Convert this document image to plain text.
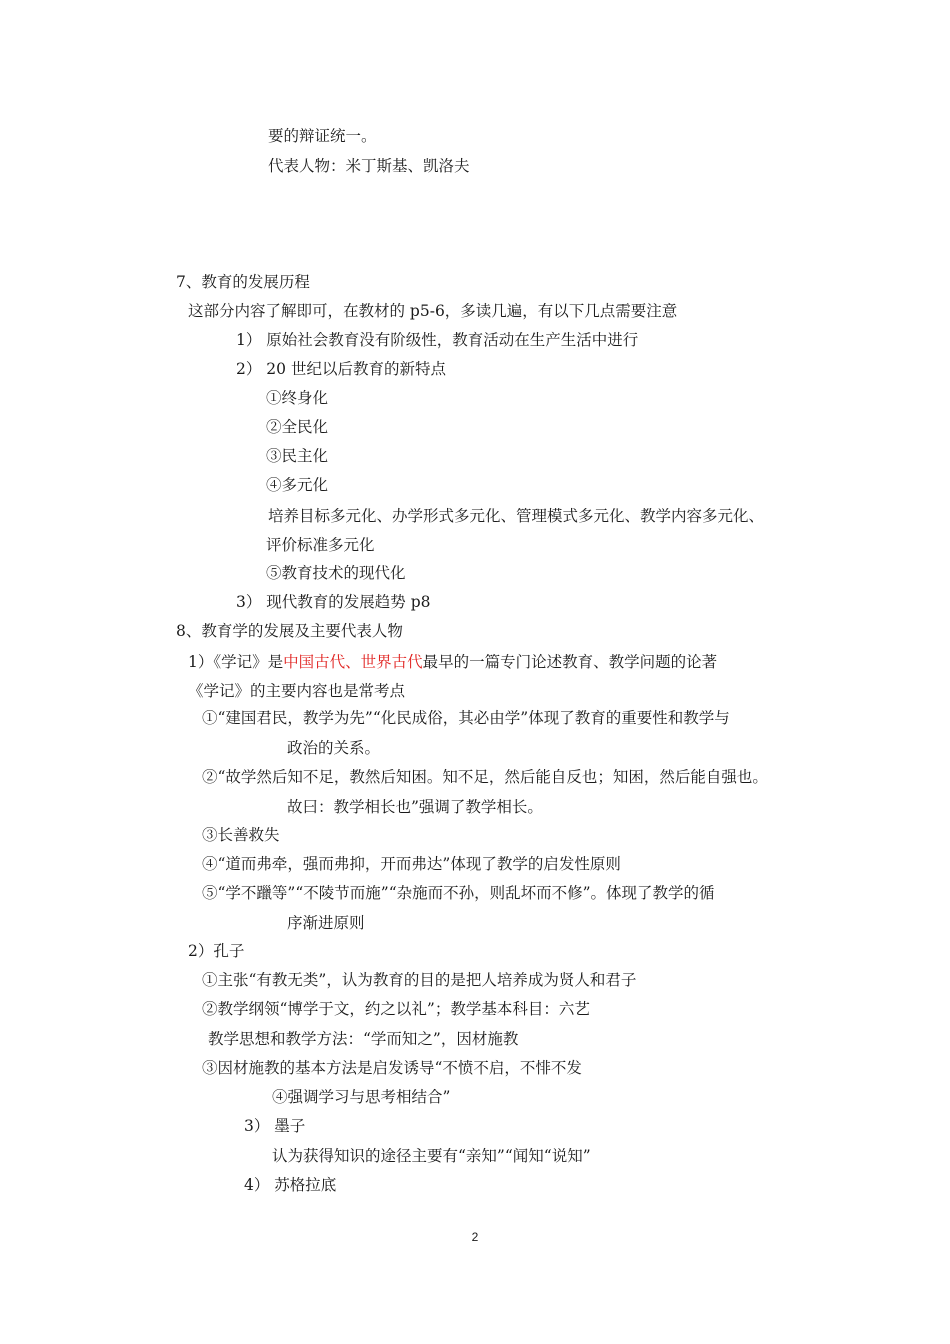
要的辩证统一。
代表人物：米丁斯基、凯洛夫
7、教育的发展历程
这部分内容了解即可，在教材的 p5-6，多读几遍，有以下几点需要注意
1） 原始社会教育没有阶级性，教育活动在生产生活中进行
2） 20 世纪以后教育的新特点
①终身化
②全民化
③民主化
④多元化
培养目标多元化、办学形式多元化、管理模式多元化、教学内容多元化、
评价标准多元化
⑤教育技术的现代化
3） 现代教育的发展趋势 p8
8、教育学的发展及主要代表人物
1）《学记》是中国古代、世界古代最早的一篇专门论述教育、教学问题的论著
《学记》的主要内容也是常考点
①“建国君民，教学为先”“化民成俗，其必由学”体现了教育的重要性和教学与
政治的关系。
②“故学然后知不足，教然后知困。知不足，然后能自反也；知困，然后能自强也。
故曰：教学相长也”强调了教学相长。
③长善救失
④“道而弗牵，强而弗抑，开而弗达”体现了教学的启发性原则
⑤“学不躐等”“不陵节而施”“杂施而不孙，则乱坏而不修”。体现了教学的循
序渐进原则
2）孔子
①主张“有教无类”，认为教育的目的是把人培养成为贤人和君子
②教学纲领“博学于文，约之以礼”；教学基本科目：六艺
教学思想和教学方法：“学而知之”，因材施教
③因材施教的基本方法是启发诱导“不愤不启，不悱不发
④强调学习与思考相结合”
3） 墨子
认为获得知识的途径主要有“亲知”“闻知“说知”
4） 苏格拉底
2
